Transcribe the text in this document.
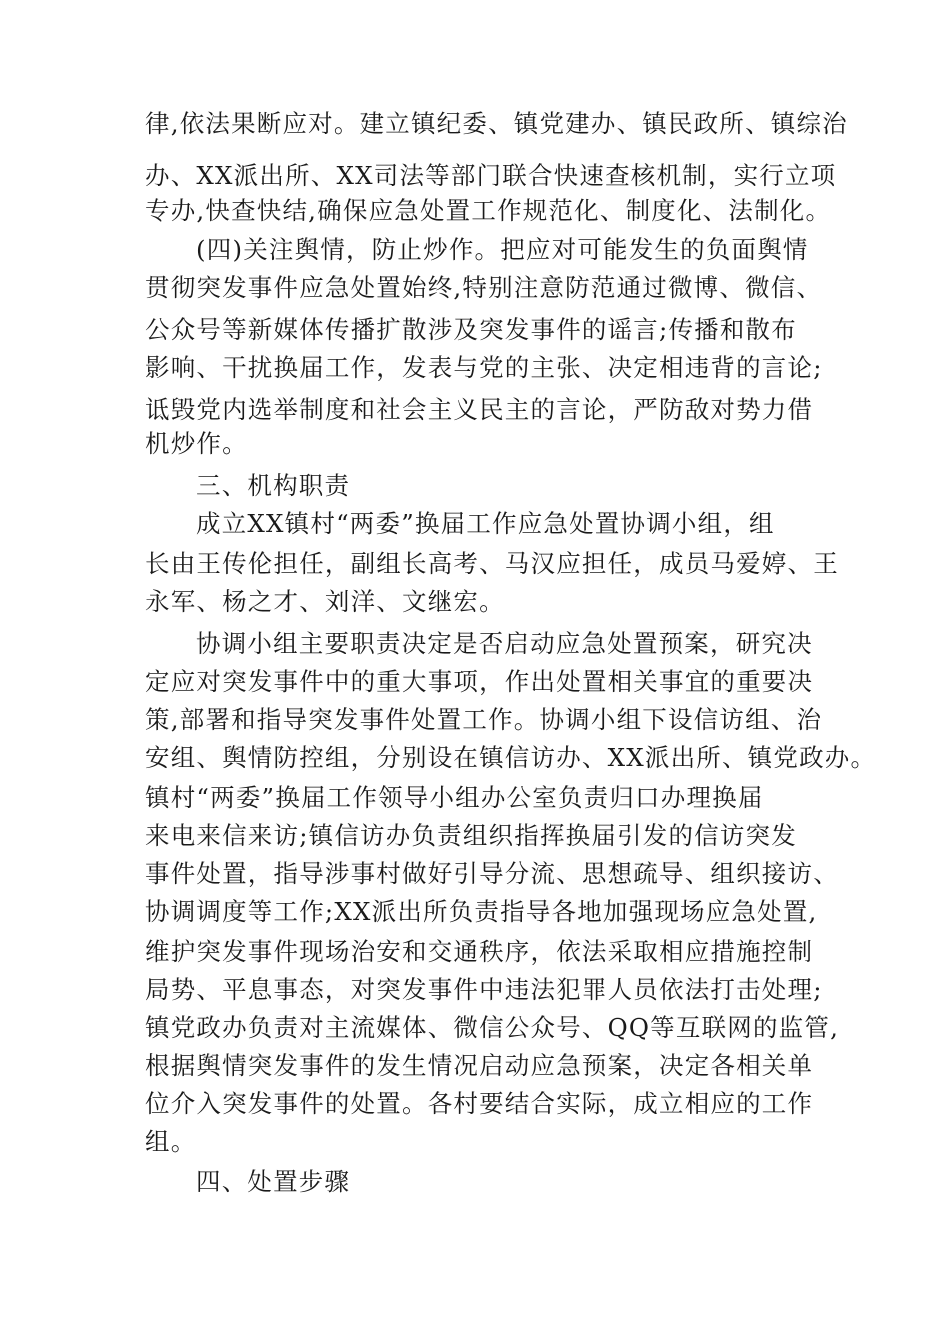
律,依法果断应对。建立镇纪委、镇党建办、镇民政所、镇综治
办、XX派出所、XX司法等部门联合快速查核机制，实行立项
专办,快查快结,确保应急处置工作规范化、制度化、法制化。
(四)关注舆情，防止炒作。把应对可能发生的负面舆情
贯彻突发事件应急处置始终,特别注意防范通过微博、微信、
公众号等新媒体传播扩散涉及突发事件的谣言;传播和散布
影响、干扰换届工作，发表与党的主张、决定相违背的言论;
诋毁党内选举制度和社会主义民主的言论，严防敌对势力借
机炒作。
三、机构职责
成立XX镇村“两委”换届工作应急处置协调小组，组
长由王传伦担任，副组长高考、马汉应担任，成员马爱婷、王
永军、杨之才、刘洋、文继宏。
协调小组主要职责决定是否启动应急处置预案，研究决
定应对突发事件中的重大事项，作出处置相关事宜的重要决
策,部署和指导突发事件处置工作。协调小组下设信访组、治
安组、舆情防控组，分别设在镇信访办、XX派出所、镇党政办。
镇村“两委”换届工作领导小组办公室负责归口办理换届
来电来信来访;镇信访办负责组织指挥换届引发的信访突发
事件处置，指导涉事村做好引导分流、思想疏导、组织接访、
协调调度等工作;XX派出所负责指导各地加强现场应急处置,
维护突发事件现场治安和交通秩序，依法采取相应措施控制
局势、平息事态，对突发事件中违法犯罪人员依法打击处理;
镇党政办负责对主流媒体、微信公众号、QQ等互联网的监管,
根据舆情突发事件的发生情况启动应急预案，决定各相关单
位介入突发事件的处置。各村要结合实际，成立相应的工作
组。
四、处置步骤
